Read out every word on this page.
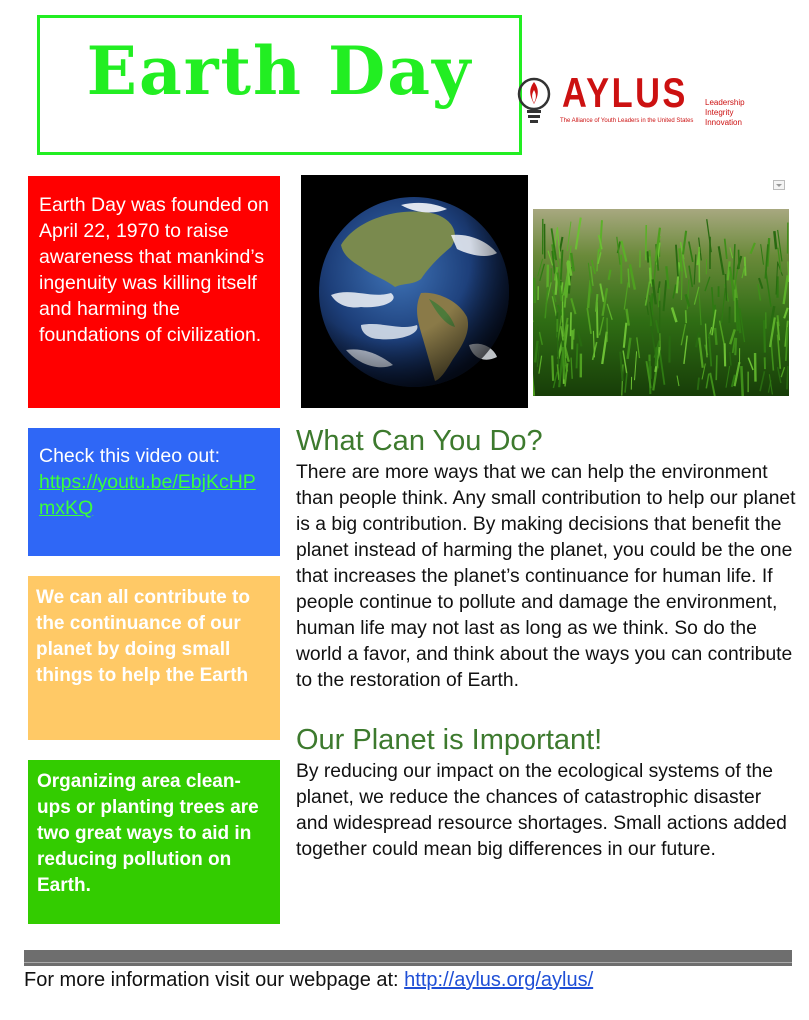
Earth Day	AYLUS
The Alliance of Youth Leaders in the United States
Leadership
Integrity
Innovation
Earth Day was founded on April 22, 1970 to raise awareness that mankind’s ingenuity was killing itself and harming the foundations of civilization.
Check this video out:
https://youtu.be/EbjKcHPmxKQ
We can all contribute to the continuance of our planet by doing small things to help the Earth
Organizing area clean-ups or planting trees are two great ways to aid in reducing pollution on Earth.
What Can You Do?
There are more ways that we can help the environment than people think. Any small contribution to help our planet is a big contribution. By making decisions that benefit the planet instead of harming the planet, you could be the one that increases the planet’s continuance for human life. If people continue to pollute and damage the environment, human life may not last as long as we think. So do the world a favor, and think about the ways you can contribute to the restoration of Earth.
Our Planet is Important!
By reducing our impact on the ecological systems of the planet, we reduce the chances of catastrophic disaster and widespread resource shortages. Small actions added together could mean big differences in our future.
For more information visit our webpage at: http://aylus.org/aylus/
